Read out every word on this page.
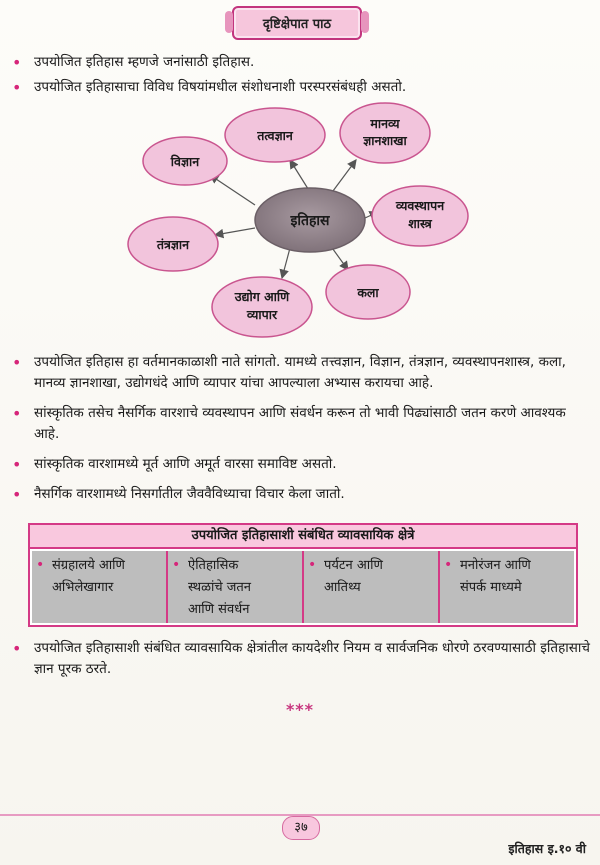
दृष्टिक्षेपात पाठ
• उपयोजित इतिहास म्हणजे जनांसाठी इतिहास.
• उपयोजित इतिहासाचा विविध विषयांमधील संशोधनाशी परस्परसंबंधही असतो.
तत्वज्ञान
मानव्य
ज्ञानशाखा
विज्ञान
व्यवस्थापन
शास्त्र
इतिहास
तंत्रज्ञान
कला
उद्योग आणि
व्यापार
• उपयोजित इतिहास हा वर्तमानकाळाशी नाते सांगतो. यामध्ये तत्त्वज्ञान, विज्ञान, तंत्रज्ञान, व्यवस्थापनशास्त्र, कला, मानव्य ज्ञानशाखा, उद्योगधंदे आणि व्यापार यांचा आपल्याला अभ्यास करायचा आहे.
• सांस्कृतिक तसेच नैसर्गिक वारशाचे व्यवस्थापन आणि संवर्धन करून तो भावी पिढ्यांसाठी जतन करणे आवश्यक आहे.
• सांस्कृतिक वारशामध्ये मूर्त आणि अमूर्त वारसा समाविष्ट असतो.
• नैसर्गिक वारशामध्ये निसर्गातील जैववैविध्याचा विचार केला जातो.
उपयोजित इतिहासाशी संबंधित व्यावसायिक क्षेत्रे
• संग्रहालये आणि
अभिलेखागार
• ऐतिहासिक
स्थळांचे जतन
आणि संवर्धन
• पर्यटन आणि
आतिथ्य
• मनोरंजन आणि
संपर्क माध्यमे
• उपयोजित इतिहासाशी संबंधित व्यावसायिक क्षेत्रांतील कायदेशीर नियम व सार्वजनिक धोरणे ठरवण्यासाठी इतिहासाचे ज्ञान पूरक ठरते.
***
३७
इतिहास इ.१० वी
